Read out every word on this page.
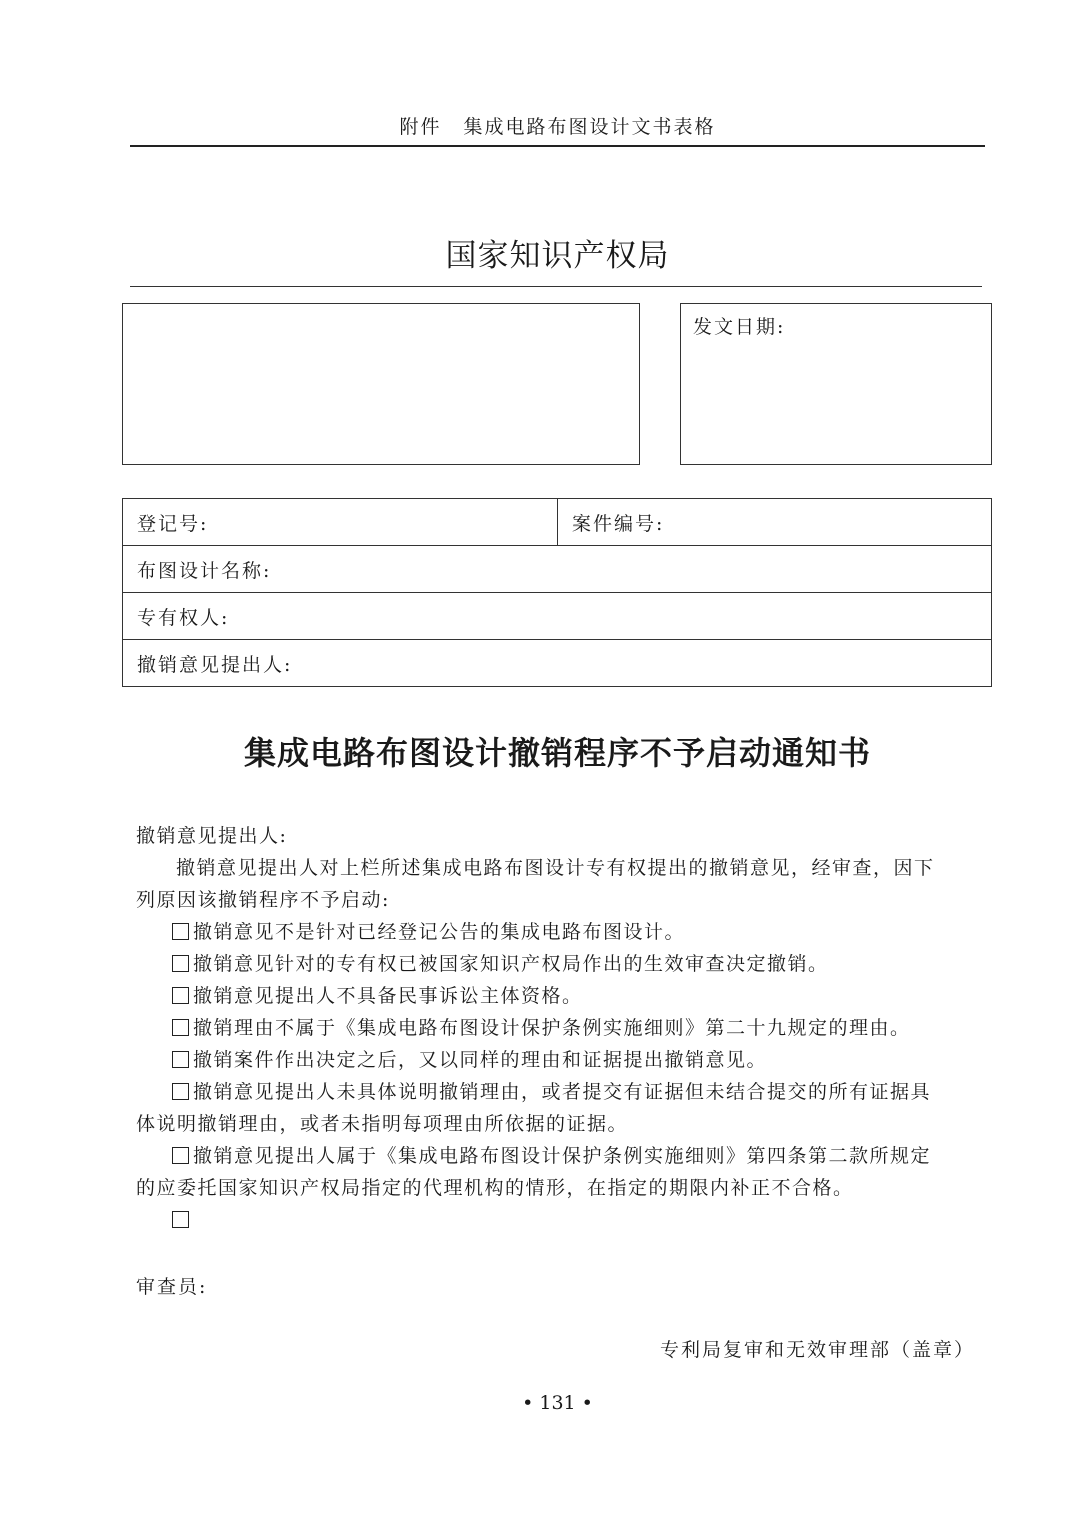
附件 集成电路布图设计文书表格
国家知识产权局
发文日期:
登记号:	案件编号:
布图设计名称:
专有权人:
撤销意见提出人:
集成电路布图设计撤销程序不予启动通知书
撤销意见提出人:
撤销意见提出人对上栏所述集成电路布图设计专有权提出的撤销意见，经审查，因下
列原因该撤销程序不予启动:
撤销意见不是针对已经登记公告的集成电路布图设计。
撤销意见针对的专有权已被国家知识产权局作出的生效审查决定撤销。
撤销意见提出人不具备民事诉讼主体资格。
撤销理由不属于《集成电路布图设计保护条例实施细则》第二十九规定的理由。
撤销案件作出决定之后，又以同样的理由和证据提出撤销意见。
撤销意见提出人未具体说明撤销理由，或者提交有证据但未结合提交的所有证据具
体说明撤销理由，或者未指明每项理由所依据的证据。
撤销意见提出人属于《集成电路布图设计保护条例实施细则》第四条第二款所规定
的应委托国家知识产权局指定的代理机构的情形，在指定的期限内补正不合格。
审查员:
专利局复审和无效审理部（盖章）
• 131 •
